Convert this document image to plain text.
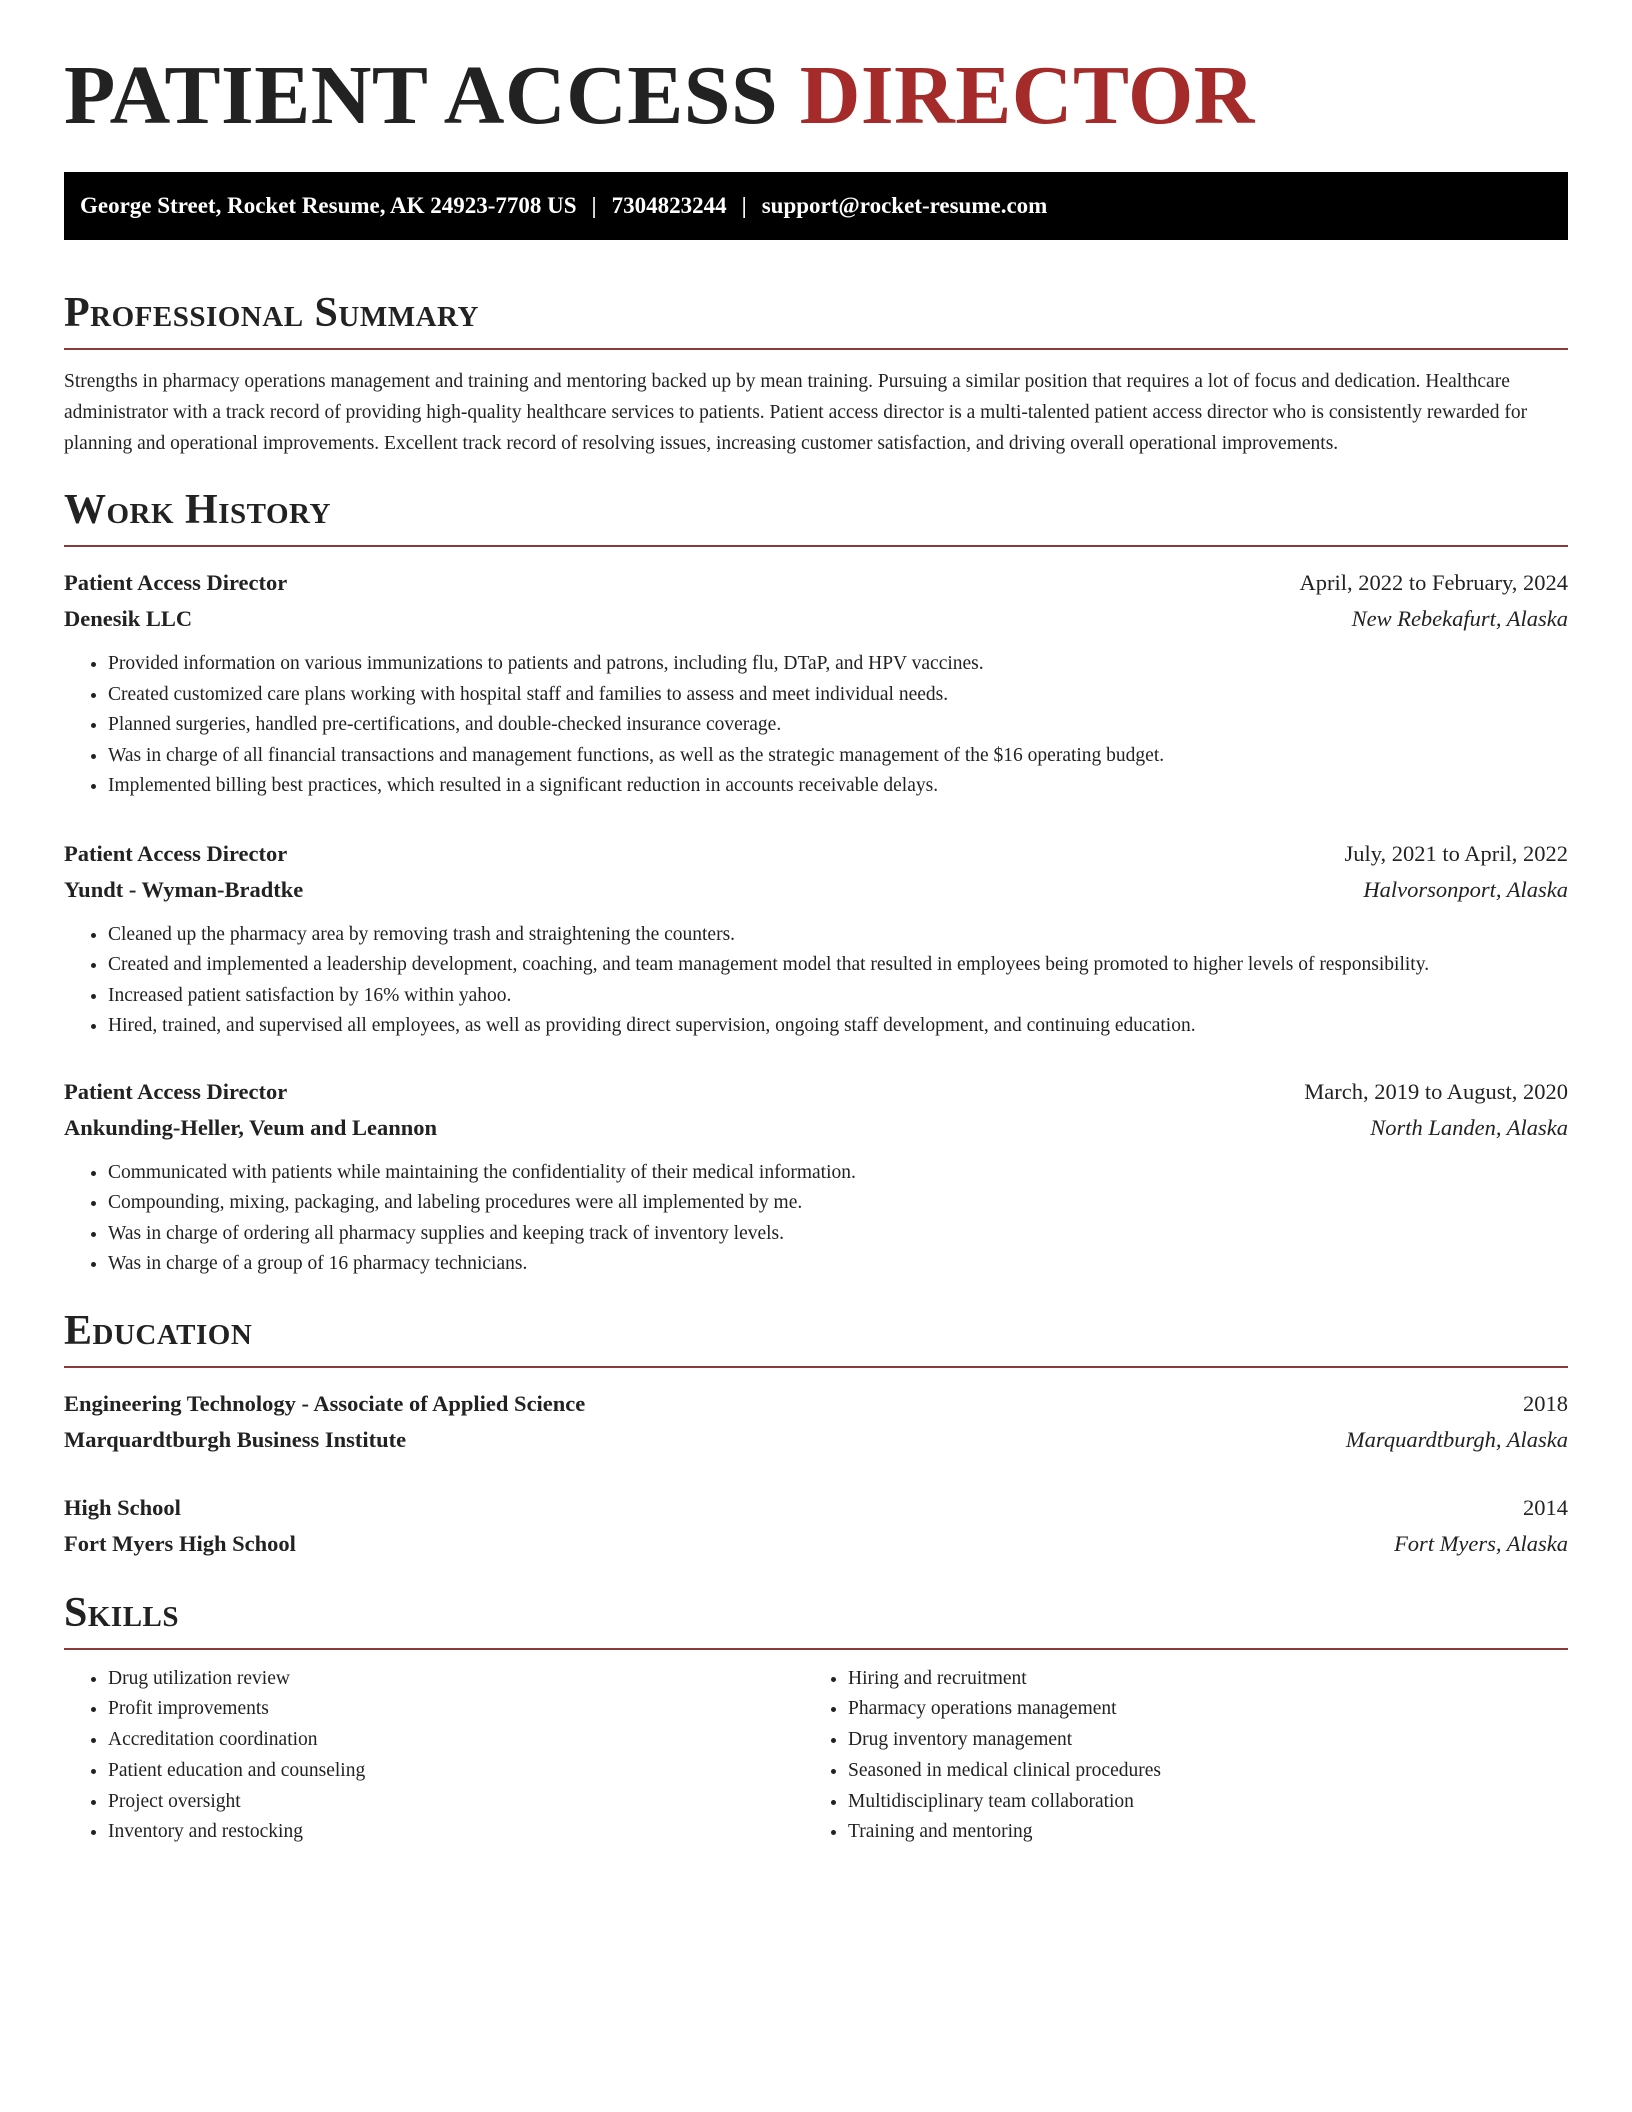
PATIENT ACCESS DIRECTOR
George Street, Rocket Resume, AK 24923-7708 US | 7304823244 | support@rocket-resume.com
Professional Summary

Strengths in pharmacy operations management and training and mentoring backed up by mean training. Pursuing a similar position that requires a lot of focus and dedication. Healthcare administrator with a track record of providing high-quality healthcare services to patients. Patient access director is a multi-talented patient access director who is consistently rewarded for planning and operational improvements. Excellent track record of resolving issues, increasing customer satisfaction, and driving overall operational improvements.

Work History
Patient Access Director	April, 2022 to February, 2024
Denesik LLC	New Rebekafurt, Alaska
• Provided information on various immunizations to patients and patrons, including flu, DTaP, and HPV vaccines.
• Created customized care plans working with hospital staff and families to assess and meet individual needs.
• Planned surgeries, handled pre-certifications, and double-checked insurance coverage.
• Was in charge of all financial transactions and management functions, as well as the strategic management of the $16 operating budget.
• Implemented billing best practices, which resulted in a significant reduction in accounts receivable delays.
Patient Access Director	July, 2021 to April, 2022
Yundt - Wyman-Bradtke	Halvorsonport, Alaska
• Cleaned up the pharmacy area by removing trash and straightening the counters.
• Created and implemented a leadership development, coaching, and team management model that resulted in employees being promoted to higher levels of responsibility.
• Increased patient satisfaction by 16% within yahoo.
• Hired, trained, and supervised all employees, as well as providing direct supervision, ongoing staff development, and continuing education.
Patient Access Director	March, 2019 to August, 2020
Ankunding-Heller, Veum and Leannon	North Landen, Alaska
• Communicated with patients while maintaining the confidentiality of their medical information.
• Compounding, mixing, packaging, and labeling procedures were all implemented by me.
• Was in charge of ordering all pharmacy supplies and keeping track of inventory levels.
• Was in charge of a group of 16 pharmacy technicians.
Education
Engineering Technology - Associate of Applied Science	2018
Marquardtburgh Business Institute	Marquardtburgh, Alaska
High School	2014
Fort Myers High School	Fort Myers, Alaska
Skills
• Drug utilization review
• Profit improvements
• Accreditation coordination
• Patient education and counseling
• Project oversight
• Inventory and restocking
• Hiring and recruitment
• Pharmacy operations management
• Drug inventory management
• Seasoned in medical clinical procedures
• Multidisciplinary team collaboration
• Training and mentoring
